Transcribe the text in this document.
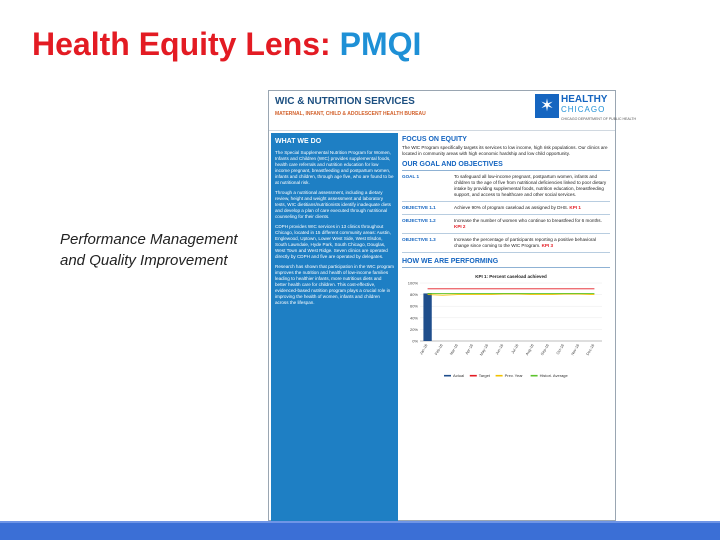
Health Equity Lens: PMQI
Performance Management and Quality Improvement
WIC & NUTRITION SERVICES
MATERNAL, INFANT, CHILD & ADOLESCENT HEALTH BUREAU	✶ HEALTHY
CHICAGO
CHICAGO DEPARTMENT OF PUBLIC HEALTH
WHAT WE DO

The Special Supplemental Nutrition Program for Women, Infants and Children (WIC) provides supplemental foods, health care referrals and nutrition education for low income pregnant, breastfeeding and postpartum women, infants and children, through age five, who are found to be at nutritional risk.

Through a nutritional assessment, including a dietary review, height and weight assessment and laboratory tests, WIC dietitians/nutritionists identify inadequate diets and develop a plan of care executed through nutritional counseling for their clients.

CDPH provides WIC services in 13 clinics throughout Chicago, located in 15 different community areas: Austin, Englewood, Uptown, Lower West Side, West Elsdon, South Lawndale, Hyde Park, South Chicago, Douglas, West Town and West Ridge. Seven clinics are operated directly by CDPH and five are operated by delegates.

Research has shown that participation in the WIC program improves the nutrition and health of low-income families leading to healthier infants, more nutritious diets and better health care for children. This cost-effective, evidenced-based nutrition program plays a crucial role in improving the health of women, infants and children across the lifespan.

FOCUS ON EQUITY
The WIC Program specifically targets its services to low income, high risk populations. Our clinics are located in community areas with high economic hardship and low child opportunity.
OUR GOAL AND OBJECTIVES
GOAL 1	To safeguard all low-income pregnant, postpartum women, infants and children to the age of five from nutritional deficiencies linked to poor dietary intake by providing supplemental foods, nutrition education, breastfeeding support, and access to healthcare and other social services.
OBJECTIVE 1.1	Achieve 90% of program caseload as assigned by DHS. KPI 1
OBJECTIVE 1.2	Increase the number of women who continue to breastfeed for 6 months. KPI 2
OBJECTIVE 1.3	Increase the percentage of participants reporting a positive behavioral change since coming to the WIC Program. KPI 3
HOW WE ARE PERFORMING
KPI 1: Percent caseload achieved
0%
20%
40%
60%
80%
100%
Jan-16 Feb-16 Mar-16 Apr-16 May-16 Jun-16 Jul-16 Aug-16 Sep-16 Oct-16 Nov-16 Dec-16
Actual	Target	Prev. Year	Histori. Average
